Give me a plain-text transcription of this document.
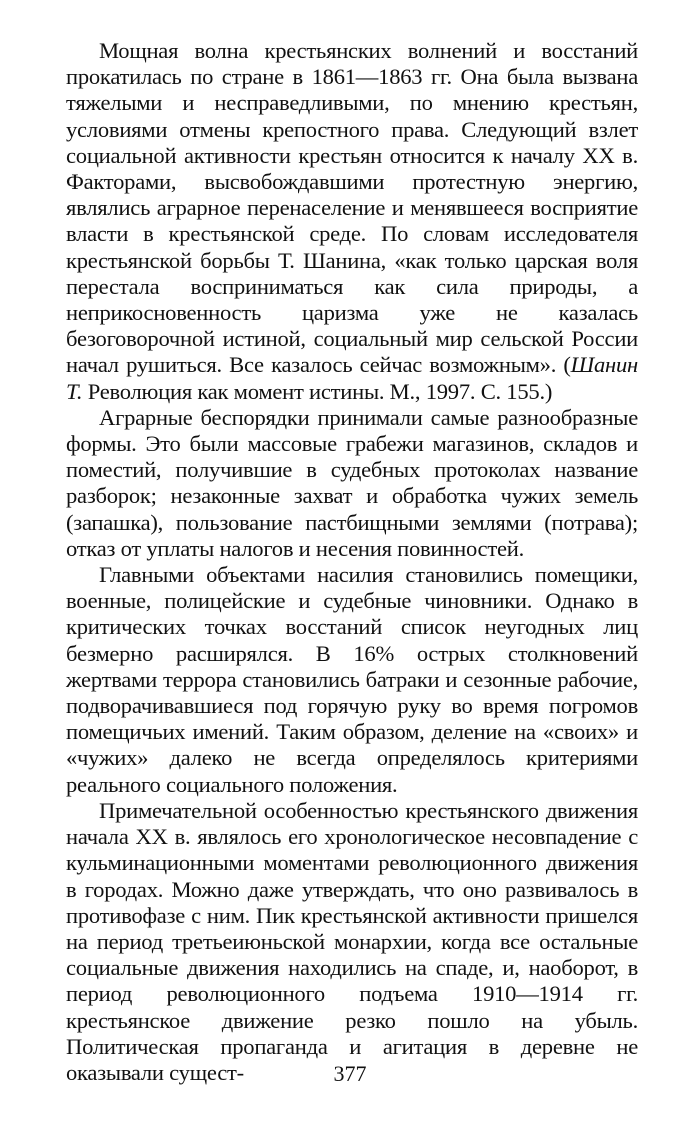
Мощная волна крестьянских волнений и восстаний прокатилась по стране в 1861—1863 гг. Она была вызвана тяжелыми и несправедливыми, по мнению крестьян, условиями отмены крепостного права. Следующий взлет социальной активности крестьян относится к началу XX в. Факторами, высвобождавшими протестную энергию, являлись аграрное перенаселение и менявшееся восприятие власти в крестьянской среде. По словам исследователя крестьянской борьбы Т. Шанина, «как только царская воля перестала восприниматься как сила природы, а неприкосновенность царизма уже не казалась безоговорочной истиной, социальный мир сельской России начал рушиться. Все казалось сейчас возможным». (Шанин Т. Революция как момент истины. М., 1997. С. 155.)

Аграрные беспорядки принимали самые разнообразные формы. Это были массовые грабежи магазинов, складов и поместий, получившие в судебных протоколах название разборок; незаконные захват и обработка чужих земель (запашка), пользование пастбищными землями (потрава); отказ от уплаты налогов и несения повинностей.

Главными объектами насилия становились помещики, военные, полицейские и судебные чиновники. Однако в критических точках восстаний список неугодных лиц безмерно расширялся. В 16% острых столкновений жертвами террора становились батраки и сезонные рабочие, подворачивавшиеся под горячую руку во время погромов помещичьих имений. Таким образом, деление на «своих» и «чужих» далеко не всегда определялось критериями реального социального положения.

Примечательной особенностью крестьянского движения начала XX в. являлось его хронологическое несовпадение с кульминационными моментами революционного движения в городах. Можно даже утверждать, что оно развивалось в противофазе с ним. Пик крестьянской активности пришелся на период третьеиюньской монархии, когда все остальные социальные движения находились на спаде, и, наоборот, в период революционного подъема 1910—1914 гг. крестьянское движение резко пошло на убыль. Политическая пропаганда и агитация в деревне не оказывали сущест-	377
